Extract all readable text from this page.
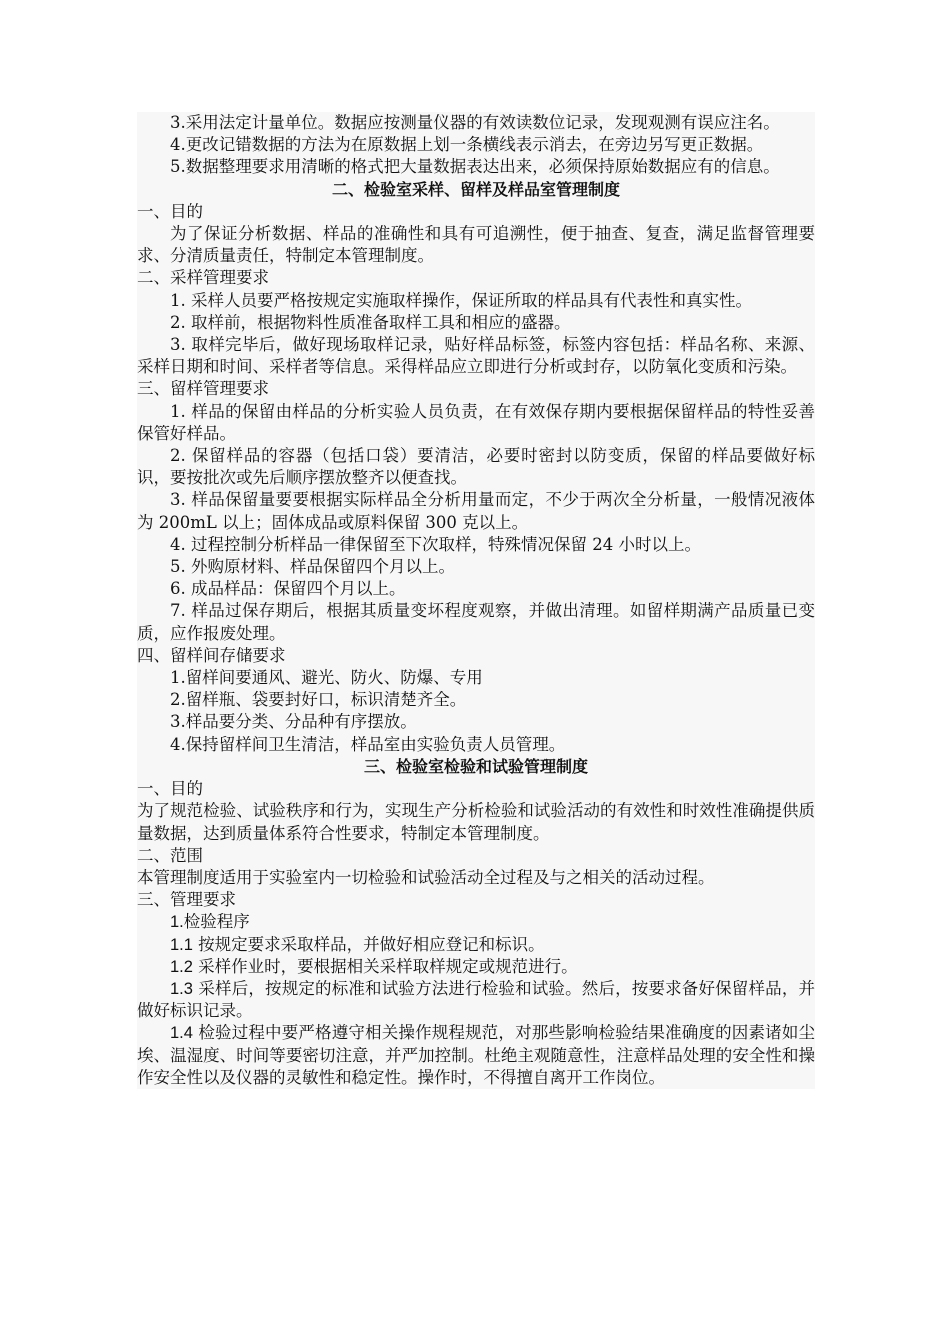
3.采用法定计量单位。数据应按测量仪器的有效读数位记录，发现观测有误应注名。

4.更改记错数据的方法为在原数据上划一条横线表示消去，在旁边另写更正数据。

5.数据整理要求用清晰的格式把大量数据表达出来，必须保持原始数据应有的信息。

二、检验室采样、留样及样品室管理制度

一、目的

为了保证分析数据、样品的准确性和具有可追溯性，便于抽查、复查，满足监督管理要求、分清质量责任，特制定本管理制度。

二、采样管理要求

1. 采样人员要严格按规定实施取样操作，保证所取的样品具有代表性和真实性。

2. 取样前，根据物料性质准备取样工具和相应的盛器。

3. 取样完毕后，做好现场取样记录，贴好样品标签，标签内容包括：样品名称、来源、采样日期和时间、采样者等信息。采得样品应立即进行分析或封存，以防氧化变质和污染。

三、留样管理要求

1. 样品的保留由样品的分析实验人员负责，在有效保存期内要根据保留样品的特性妥善保管好样品。

2. 保留样品的容器（包括口袋）要清洁，必要时密封以防变质，保留的样品要做好标识，要按批次或先后顺序摆放整齐以便查找。

3. 样品保留量要要根据实际样品全分析用量而定，不少于两次全分析量，一般情况液体为 200mL 以上；固体成品或原料保留 300 克以上。

4. 过程控制分析样品一律保留至下次取样，特殊情况保留 24 小时以上。

5. 外购原材料、样品保留四个月以上。

6. 成品样品：保留四个月以上。

7. 样品过保存期后，根据其质量变坏程度观察，并做出清理。如留样期满产品质量已变质，应作报废处理。

四、留样间存储要求

1.留样间要通风、避光、防火、防爆、专用

2.留样瓶、袋要封好口，标识清楚齐全。

3.样品要分类、分品种有序摆放。

4.保持留样间卫生清洁，样品室由实验负责人员管理。

三、检验室检验和试验管理制度

一、目的

为了规范检验、试验秩序和行为，实现生产分析检验和试验活动的有效性和时效性准确提供质量数据，达到质量体系符合性要求，特制定本管理制度。

二、范围

本管理制度适用于实验室内一切检验和试验活动全过程及与之相关的活动过程。

三、管理要求

1.检验程序

1.1 按规定要求采取样品，并做好相应登记和标识。

1.2 采样作业时，要根据相关采样取样规定或规范进行。

1.3 采样后，按规定的标准和试验方法进行检验和试验。然后，按要求备好保留样品，并做好标识记录。

1.4 检验过程中要严格遵守相关操作规程规范，对那些影响检验结果准确度的因素诸如尘埃、温湿度、时间等要密切注意，并严加控制。杜绝主观随意性，注意样品处理的安全性和操作安全性以及仪器的灵敏性和稳定性。操作时，不得擅自离开工作岗位。
